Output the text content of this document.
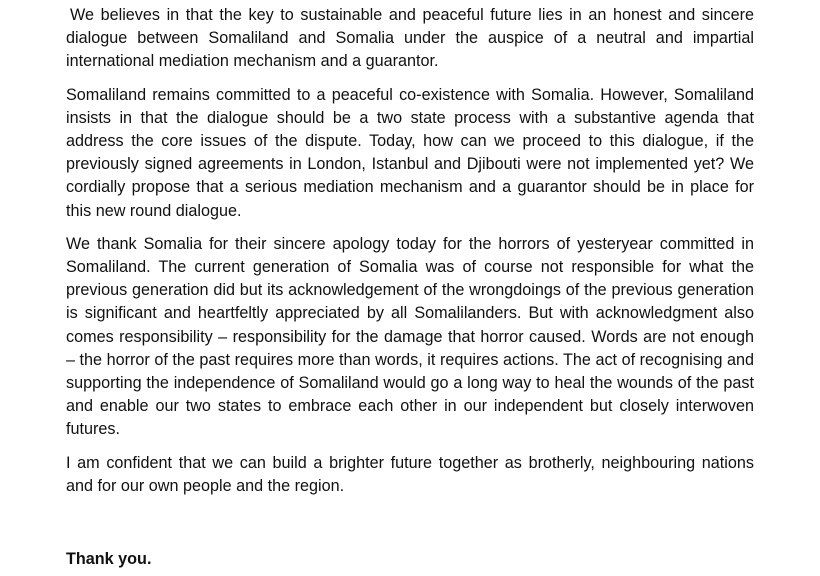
We believes in that the key to sustainable and peaceful future lies in an honest and sincere dialogue between Somaliland and Somalia under the auspice of a neutral and impartial international mediation mechanism and a guarantor.

Somaliland remains committed to a peaceful co-existence with Somalia. However, Somaliland insists in that the dialogue should be a two state process with a substantive agenda that address the core issues of the dispute. Today, how can we proceed to this dialogue, if the previously signed agreements in London, Istanbul and Djibouti were not implemented yet? We cordially propose that a serious mediation mechanism and a guarantor should be in place for this new round dialogue.

We thank Somalia for their sincere apology today for the horrors of yesteryear committed in Somaliland. The current generation of Somalia was of course not responsible for what the previous generation did but its acknowledgement of the wrongdoings of the previous generation is significant and heartfeltly appreciated by all Somalilanders. But with acknowledgment also comes responsibility – responsibility for the damage that horror caused. Words are not enough – the horror of the past requires more than words, it requires actions. The act of recognising and supporting the independence of Somaliland would go a long way to heal the wounds of the past and enable our two states to embrace each other in our independent but closely interwoven futures.

I am confident that we can build a brighter future together as brotherly, neighbouring nations and for our own people and the region.

Thank you.
